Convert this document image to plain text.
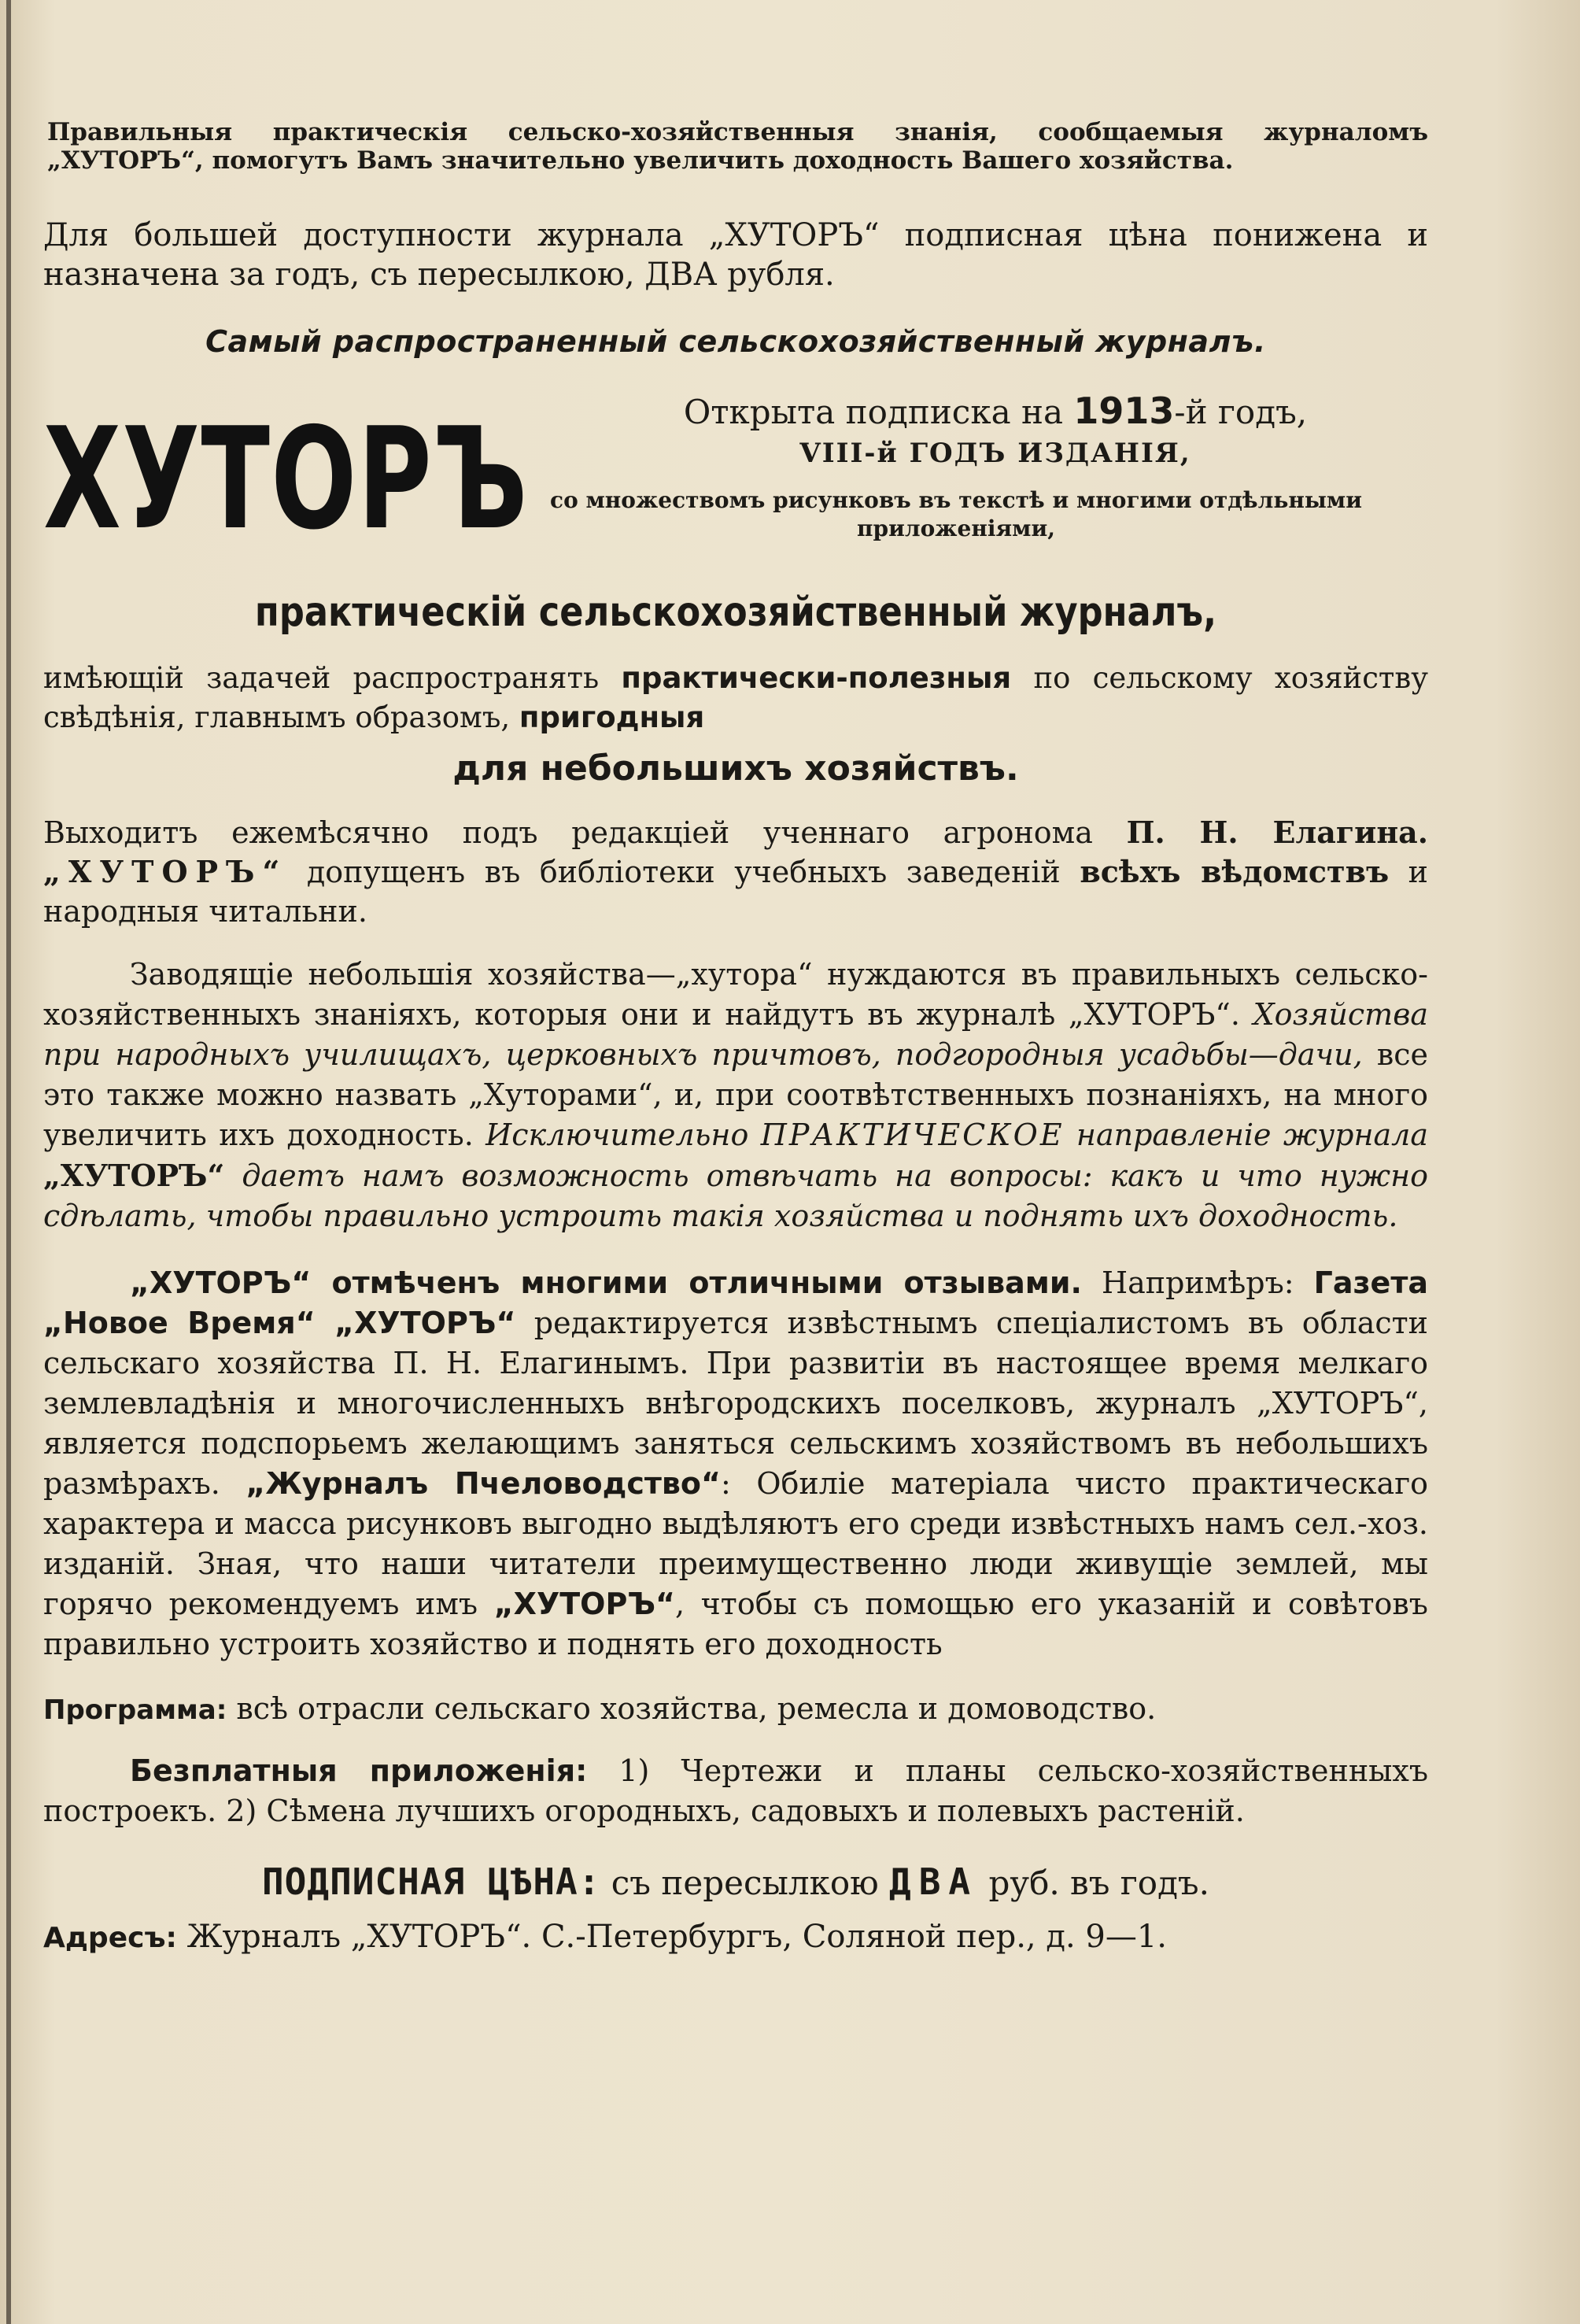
Правильныя практическія сельско-хозяйственныя знанія, сообщаемыя журналомъ „ХУТОРЪ“, помогутъ Вамъ значительно увеличить доходность Вашего хозяйства.

Для большей доступности журнала „ХУТОРЪ“ подписная цѣна понижена и назначена за годъ, съ пересылкою, ДВА рубля.

Самый распространенный сельскохозяйственный журналъ.

ХУТОРЪ	Открыта подписка на 1913-й годъ,
VIII-й ГОДЪ ИЗДАНІЯ,
со множествомъ рисунковъ въ текстѣ и многими отдѣльными приложеніями,

практическій сельскохозяйственный журналъ,

имѣющій задачей распространять практически-полезныя по сельскому хозяйству свѣдѣнія, главнымъ образомъ, пригодныя

для небольшихъ хозяйствъ.

Выходитъ ежемѣсячно подъ редакціей ученнаго агронома П. Н. Елагина. „ХУТОРЪ“ допущенъ въ библіотеки учебныхъ заведеній всѣхъ вѣдомствъ и народныя читальни.

Заводящіе небольшія хозяйства—„хутора“ нуждаются въ правильныхъ сельско-хозяйственныхъ знаніяхъ, которыя они и найдутъ въ журналѣ „ХУТОРЪ“. Хозяйства при народныхъ училищахъ, церковныхъ причтовъ, подгородныя усадьбы—дачи, все это также можно назвать „Хуторами“, и, при соотвѣтственныхъ познаніяхъ, на много увеличить ихъ доходность. Исключительно ПРАКТИЧЕСКОЕ направленіе журнала „ХУТОРЪ“ даетъ намъ возможность отвѣчать на вопросы: какъ и что нужно сдѣлать, чтобы правильно устроить такія хозяйства и поднять ихъ доходность.

„ХУТОРЪ“ отмѣченъ многими отличными отзывами. Напримѣръ: Газета „Новое Время“ „ХУТОРЪ“ редактируется извѣстнымъ спеціалистомъ въ области сельскаго хозяйства П. Н. Елагинымъ. При развитіи въ настоящее время мелкаго землевладѣнія и многочисленныхъ внѣгородскихъ поселковъ, журналъ „ХУТОРЪ“, является подспорьемъ желающимъ заняться сельскимъ хозяйствомъ въ небольшихъ размѣрахъ. „Журналъ Пчеловодство“: Обиліе матеріала чисто практическаго характера и масса рисунковъ выгодно выдѣляютъ его среди извѣстныхъ намъ сел.-хоз. изданій. Зная, что наши читатели преимущественно люди живущіе землей, мы горячо рекомендуемъ имъ „ХУТОРЪ“, чтобы съ помощью его указаній и совѣтовъ правильно устроить хозяйство и поднять его доходность

Программа: всѣ отрасли сельскаго хозяйства, ремесла и домоводство.

Безплатныя приложенія: 1) Чертежи и планы сельско-хозяйственныхъ построекъ. 2) Сѣмена лучшихъ огородныхъ, садовыхъ и полевыхъ растеній.

ПОДПИСНАЯ ЦѢНА: съ пересылкою ДВА руб. въ годъ.

Адресъ: Журналъ „ХУТОРЪ“. С.-Петербургъ, Соляной пер., д. 9—1.
